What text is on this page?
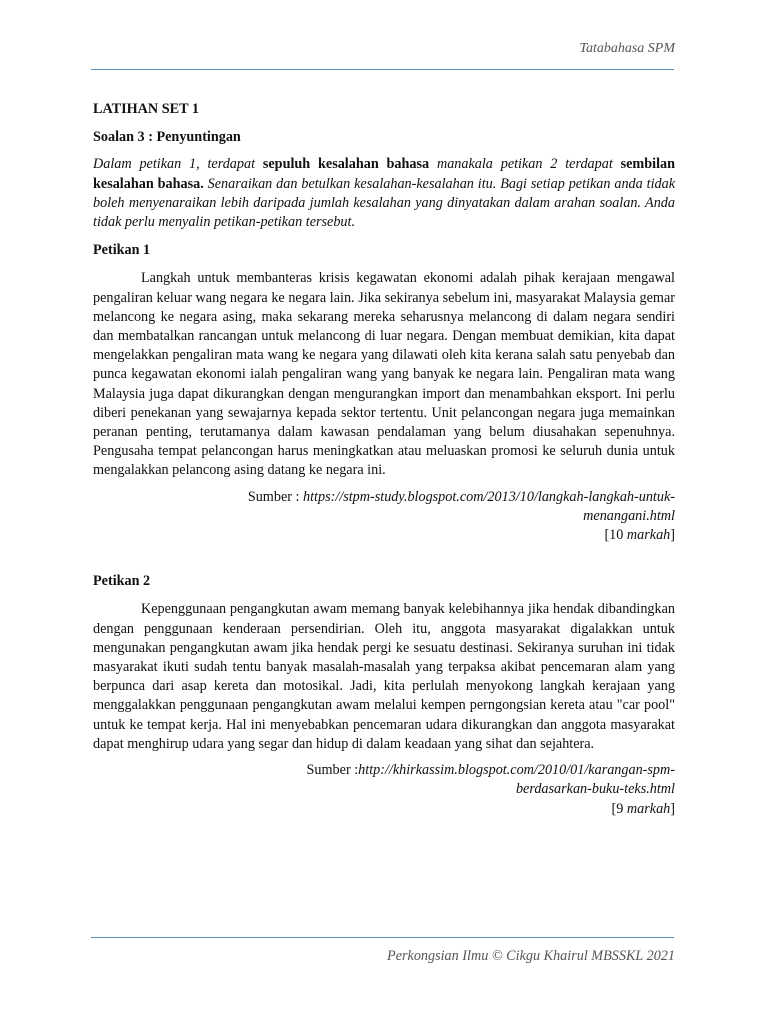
Tatabahasa SPM

LATIHAN SET 1

Soalan 3 : Penyuntingan

Dalam petikan 1, terdapat sepuluh kesalahan bahasa manakala petikan 2 terdapat sembilan kesalahan bahasa. Senaraikan dan betulkan kesalahan-kesalahan itu. Bagi setiap petikan anda tidak boleh menyenaraikan lebih daripada jumlah kesalahan yang dinyatakan dalam arahan soalan. Anda tidak perlu menyalin petikan-petikan tersebut.

Petikan 1

Langkah untuk membanteras krisis kegawatan ekonomi adalah pihak kerajaan mengawal pengaliran keluar wang negara ke negara lain. Jika sekiranya sebelum ini, masyarakat Malaysia gemar melancong ke negara asing, maka sekarang mereka seharusnya melancong di dalam negara sendiri dan membatalkan rancangan untuk melancong di luar negara. Dengan membuat demikian, kita dapat mengelakkan pengaliran mata wang ke negara yang dilawati oleh kita kerana salah satu penyebab dan punca kegawatan ekonomi ialah pengaliran wang yang banyak ke negara lain. Pengaliran mata wang Malaysia juga dapat dikurangkan dengan mengurangkan import dan menambahkan eksport. Ini perlu diberi penekanan yang sewajarnya kepada sektor tertentu. Unit pelancongan negara juga memainkan peranan penting, terutamanya dalam kawasan pendalaman yang belum diusahakan sepenuhnya. Pengusaha tempat pelancongan harus meningkatkan atau meluaskan promosi ke seluruh dunia untuk mengalakkan pelancong asing datang ke negara ini.

Sumber : https://stpm-study.blogspot.com/2013/10/langkah-langkah-untuk-
menangani.html
[10 markah]

Petikan 2

Kepenggunaan pengangkutan awam memang banyak kelebihannya jika hendak dibandingkan dengan penggunaan kenderaan persendirian. Oleh itu, anggota masyarakat digalakkan untuk mengunakan pengangkutan awam jika hendak pergi ke sesuatu destinasi. Sekiranya suruhan ini tidak masyarakat ikuti sudah tentu banyak masalah-masalah yang terpaksa akibat pencemaran alam yang berpunca dari asap kereta dan motosikal. Jadi, kita perlulah menyokong langkah kerajaan yang menggalakkan penggunaan pengangkutan awam melalui kempen perngongsian kereta atau "car pool" untuk ke tempat kerja. Hal ini menyebabkan pencemaran udara dikurangkan dan anggota masyarakat dapat menghirup udara yang segar dan hidup di dalam keadaan yang sihat dan sejahtera.

Sumber :http://khirkassim.blogspot.com/2010/01/karangan-spm-
berdasarkan-buku-teks.html
[9 markah]

Perkongsian Ilmu © Cikgu Khairul MBSSKL 2021
